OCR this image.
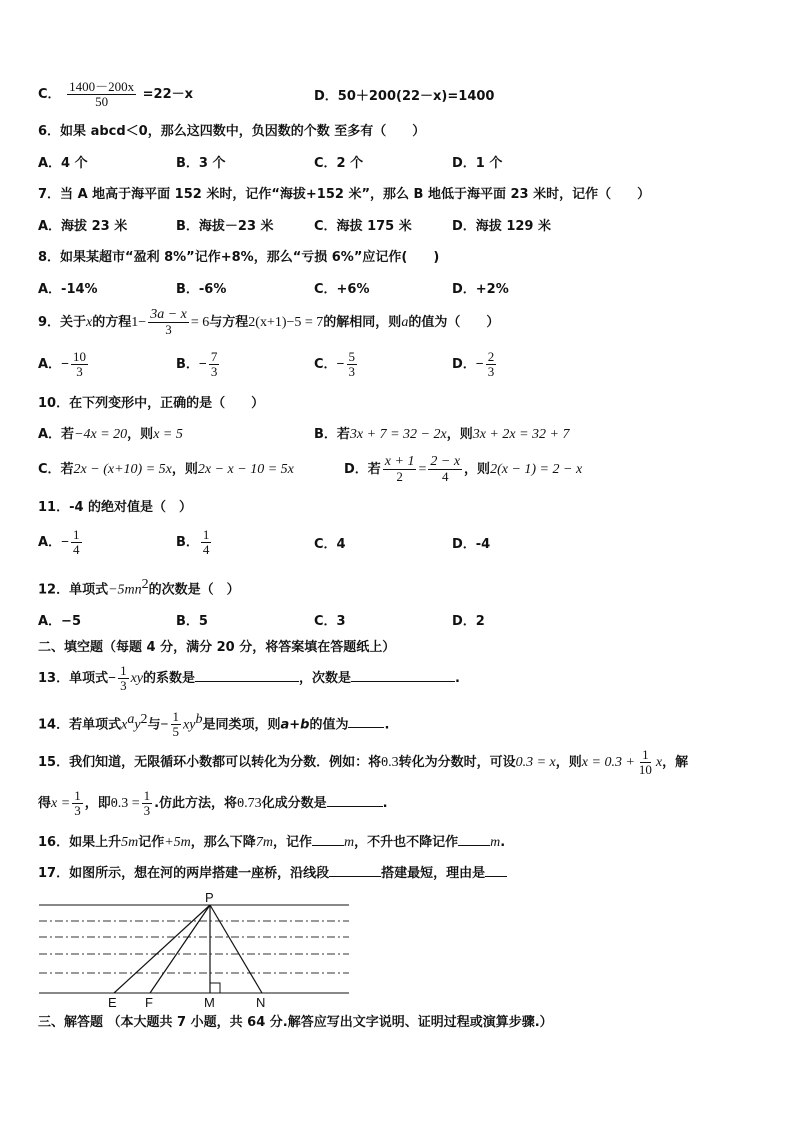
C． $\frac{1400-200x}{50} =22-x$	D．50＋200(22－x)=1400
6．如果 abcd＜0，那么这四数中，负因数的个数 至多有（　　）
A．4 个	B．3 个	C．2 个	D．1 个
7．当 A 地高于海平面 152 米时，记作“海拔+152 米”，那么 B 地低于海平面 23 米时，记作（　　）
A．海拔 23 米	B．海拔－23 米	C．海拔 175 米	D．海拔 129 米
8．如果某超市“盈利 8%”记作+8%，那么“亏损 6%”应记作(　　)
A．-14%	B．-6%	C．+6%	D．+2%
9．关于x的方程$1- \frac{3a - x}{3} = 6$与方程2(x+1)−5 = 7的解相同，则a的值为（　　）
A．− $\frac{10}{3}$	B．− $\frac{7}{3}$	C．− $\frac{5}{3}$	D．− $\frac{2}{3}$
10．在下列变形中，正确的是（　　）
A．若−4x = 20，则x = 5	B．若3x + 7 = 32 − 2x，则3x + 2x = 32 + 7
C．若2x − (x+10) = 5x，则2x − x − 10 = 5x	D．若 $\frac{x + 1}{2} = \frac{2 - x}{4}$ ，则2(x − 1) = 2 − x
11．-4 的绝对值是（　）
A．− $\frac{1}{4}$	B． $\frac{1}{4}$	C．4	D．-4
12．单项式$-5mn^2$的次数是（　）
A．−5	B．5	C．3	D．2
二、填空题（每题 4 分，满分 20 分，将答案填在答题纸上）
13．单项式− $\frac{1}{3}$ xy的系数是	，次数是	.
14．若单项式$x^ay^2$与− $\frac{1}{5} xy^b$是同类项，则a+b的值为	.
15．我们知道，无限循环小数都可以转化为分数．例如：将• 0.3转化为分数时，可设0.3 = x，则$x = 0.3 + \frac{1}{10}$ x，解
得$x = \frac{1}{3}$ ，即• $0.3 = \frac{1}{3}$ .仿此方法，将• 0.73化成分数是	.
16．如果上升5m记作+5m，那么下降7m，记作 m，不升也不降记作 m.
17．如图所示，想在河的两岸搭建一座桥，沿线段	搭建最短，理由是
P
E F	M	N
三、解答题 （本大题共 7 小题，共 64 分.解答应写出文字说明、证明过程或演算步骤.）
